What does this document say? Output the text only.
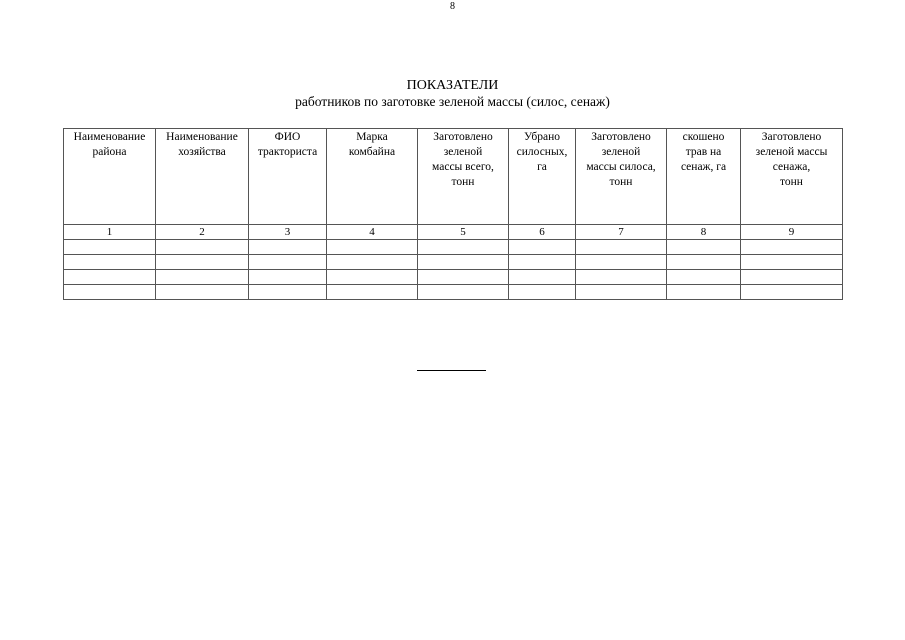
8
ПОКАЗАТЕЛИ
работников по заготовке зеленой массы (силос, сенаж)
Наименование
района	Наименование
хозяйства	ФИО
тракториста	Марка
комбайна	Заготовлено
зеленой
массы всего,
тонн	Убрано
силосных,
га	Заготовлено
зеленой
массы силоса,
тонн	скошено
трав на
сенаж, га	Заготовлено
зеленой массы
сенажа,
тонн
1	2	3	4	5	6	7	8	9
